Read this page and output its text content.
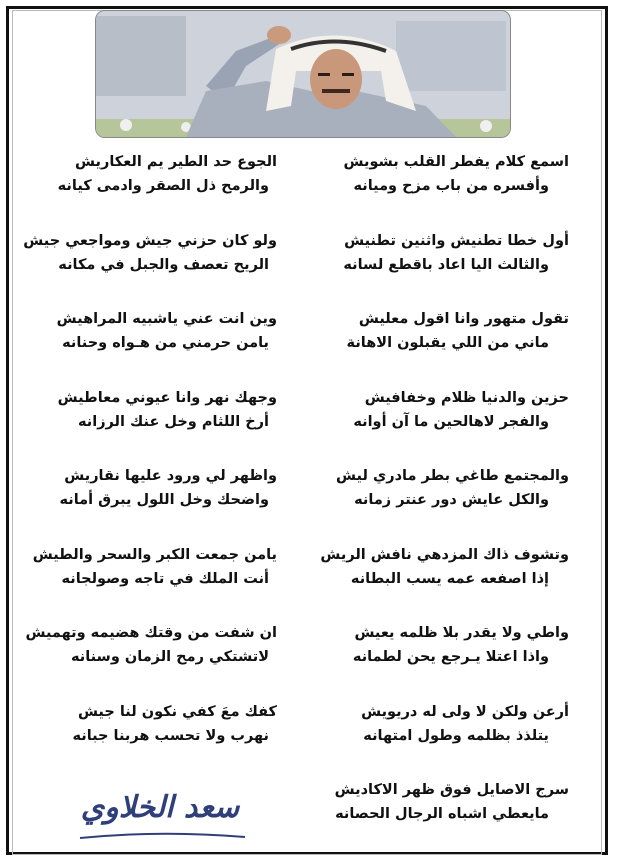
اسمع كلام يفطر القلب بشويش
وأفسره من باب مزح وميانه
أول خطا تطنيش واثنين تطنيش
والثالث اليا اعاد باقطع لسانه
تقول متهور وانا اقول معليش
ماني من اللي يقبلون الاهانة
حزين والدنيا ظلام وخفافيش
والفجر لاهالحين ما آن أوانه
والمجتمع طاغي بطر مادري ليش
والكل عايش دور عنتر زمانه
وتشوف ذاك المزدهي نافش الريش
إذا اصفعه عمه يسب البطانه
واطي ولا يقدر بلا ظلمه يعيش
واذا اعتلا يـرجع يحن لطمانه
أرعن ولكن لا ولى له دريويش
يتلذذ بظلمه وطول امتهانه
سرج الاصايل فوق ظهر الاكاديش
مايعطي اشباه الرجال الحصانه
الجوع حد الطير يم العكاريش
والرمح ذل الصقر وادمى كيانه
ولو كان حزني جيش ومواجعي جيش
الريح تعصف والجبل في مكانه
وين انت عني ياشبيه المراهيش
يامن حرمني من هـواه وحنانه
وجهك نهر وانا عيوني معاطيش
أرخ اللثام وخل عنك الرزانه
واظهر لي ورود عليها نقاريش
واضحك وخل اللول يبرق أمانه
يامن جمعت الكبر والسحر والطيش
أنت الملك في تاجه وصولجانه
ان شفت من وقتك هضيمه وتهميش
لاتشتكي رمح الزمان وسنانه
كفك معَ كفي نكون لنا جيش
نهرب ولا تحسب هربنا جبانه
سعد الخلاوي
